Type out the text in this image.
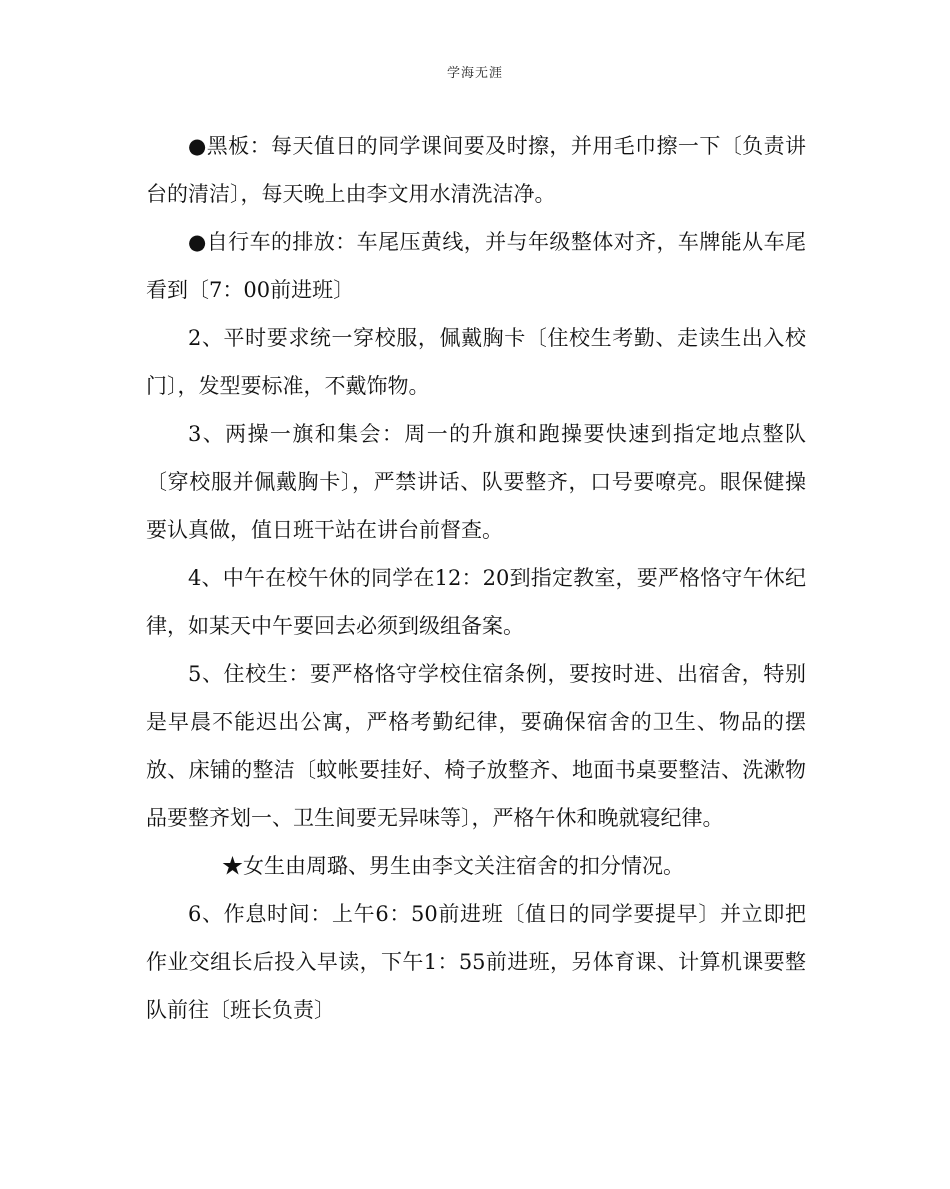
学海无涯

●黑板：每天值日的同学课间要及时擦，并用毛巾擦一下〔负责讲台的清洁〕，每天晚上由李文用水清洗洁净。

●自行车的排放：车尾压黄线，并与年级整体对齐，车牌能从车尾看到〔7：00前进班〕

2、平时要求统一穿校服，佩戴胸卡〔住校生考勤、走读生出入校门〕，发型要标准，不戴饰物。

3、两操一旗和集会：周一的升旗和跑操要快速到指定地点整队〔穿校服并佩戴胸卡〕，严禁讲话、队要整齐，口号要嘹亮。眼保健操要认真做，值日班干站在讲台前督查。

4、中午在校午休的同学在12：20到指定教室，要严格恪守午休纪律，如某天中午要回去必须到级组备案。

5、住校生：要严格恪守学校住宿条例，要按时进、出宿舍，特别是早晨不能迟出公寓，严格考勤纪律，要确保宿舍的卫生、物品的摆放、床铺的整洁〔蚊帐要挂好、椅子放整齐、地面书桌要整洁、洗漱物品要整齐划一、卫生间要无异味等〕，严格午休和晚就寝纪律。

★女生由周璐、男生由李文关注宿舍的扣分情况。

6、作息时间：上午6：50前进班〔值日的同学要提早〕并立即把作业交组长后投入早读，下午1：55前进班，另体育课、计算机课要整队前往〔班长负责〕
